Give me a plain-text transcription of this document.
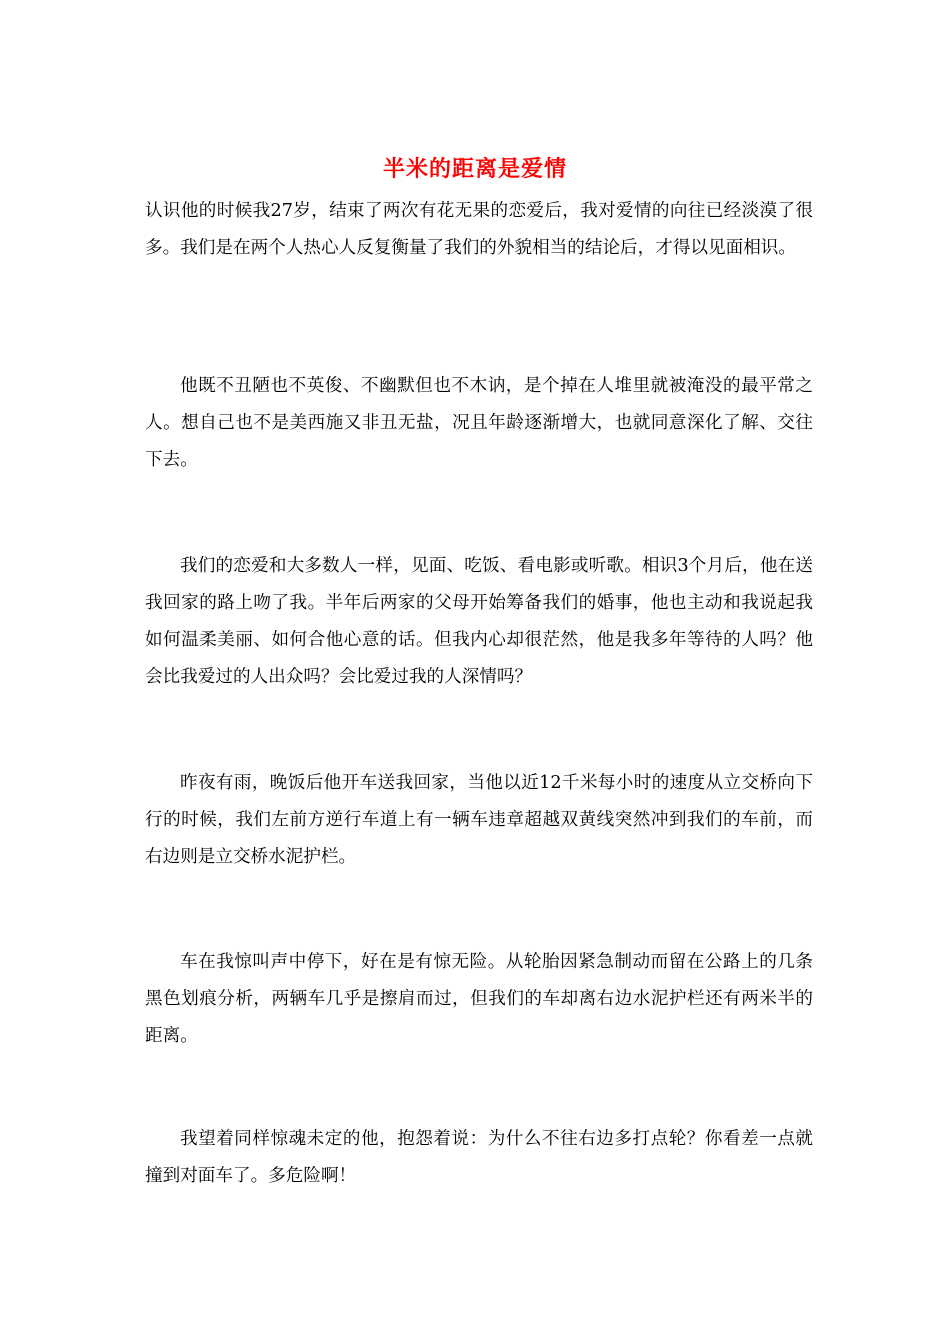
半米的距离是爱情

认识他的时候我27岁，结束了两次有花无果的恋爱后，我对爱情的向往已经淡漠了很多。我们是在两个人热心人反复衡量了我们的外貌相当的结论后，才得以见面相识。

他既不丑陋也不英俊、不幽默但也不木讷，是个掉在人堆里就被淹没的最平常之人。想自己也不是美西施又非丑无盐，况且年龄逐渐增大，也就同意深化了解、交往下去。

我们的恋爱和大多数人一样，见面、吃饭、看电影或听歌。相识3个月后，他在送我回家的路上吻了我。半年后两家的父母开始筹备我们的婚事，他也主动和我说起我如何温柔美丽、如何合他心意的话。但我内心却很茫然，他是我多年等待的人吗？他会比我爱过的人出众吗？会比爱过我的人深情吗？

昨夜有雨，晚饭后他开车送我回家，当他以近12千米每小时的速度从立交桥向下行的时候，我们左前方逆行车道上有一辆车违章超越双黄线突然冲到我们的车前，而右边则是立交桥水泥护栏。

车在我惊叫声中停下，好在是有惊无险。从轮胎因紧急制动而留在公路上的几条黑色划痕分析，两辆车几乎是擦肩而过，但我们的车却离右边水泥护栏还有两米半的距离。

我望着同样惊魂未定的他，抱怨着说：为什么不往右边多打点轮？你看差一点就撞到对面车了。多危险啊！
